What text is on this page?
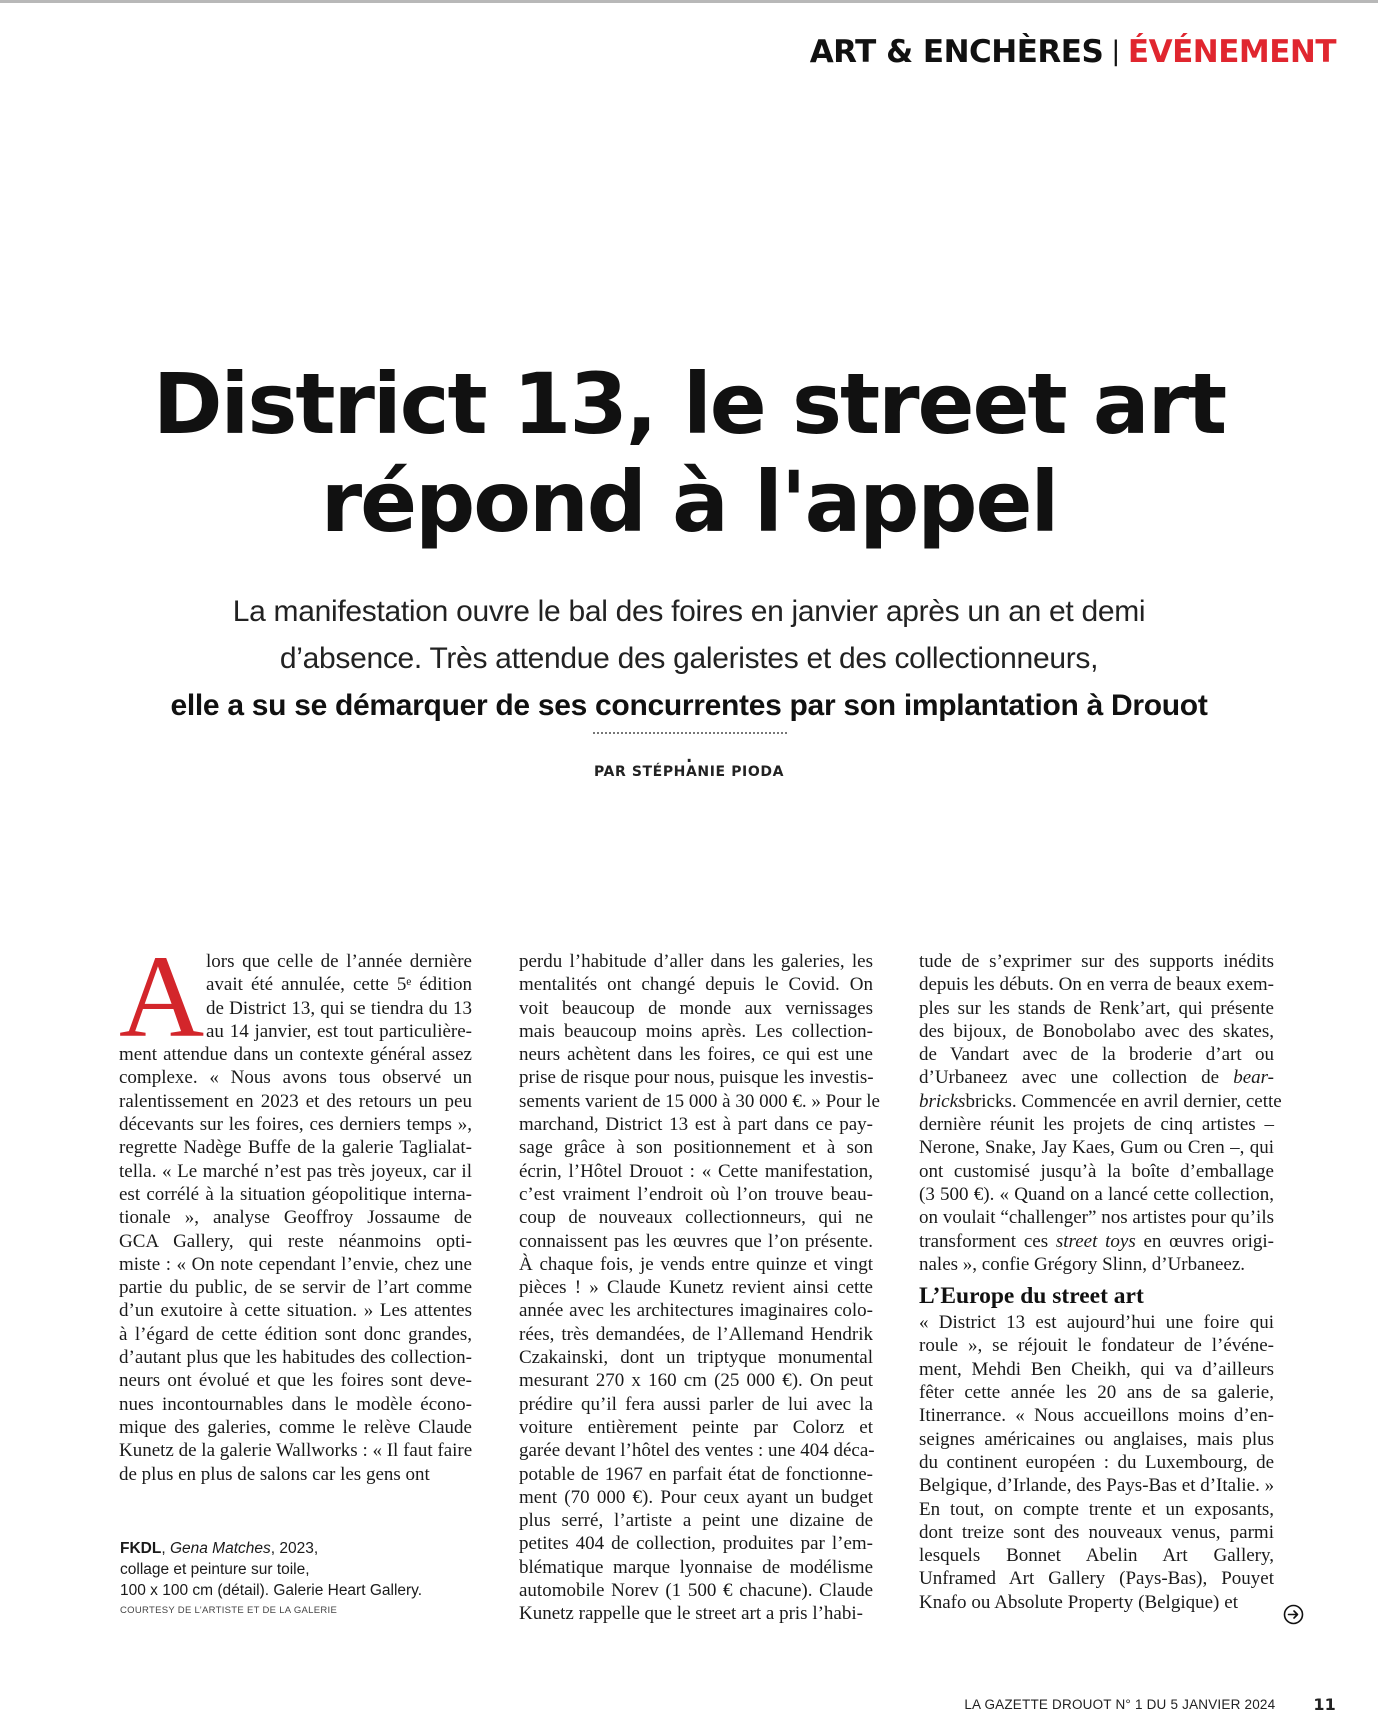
ART & ENCHÈRES | ÉVÉNEMENT
District 13, le street art
répond à l'appel
La manifestation ouvre le bal des foires en janvier après un an et demi
d’absence. Très attendue des galeristes et des collectionneurs,
elle a su se démarquer de ses concurrentes par son implantation à Drouot
.
PAR STÉPHANIE PIODA
A lors que celle de l’année dernière
avait été annulée, cette 5ᵉ édition
de District 13, qui se tiendra du 13
au 14 janvier, est tout particulière-
ment attendue dans un contexte général assez
complexe. « Nous avons tous observé un
ralentissement en 2023 et des retours un peu
décevants sur les foires, ces derniers temps »,
regrette Nadège Buffe de la galerie Taglialat-
tella. « Le marché n’est pas très joyeux, car il
est corrélé à la situation géopolitique interna-
tionale », analyse Geoffroy Jossaume de
GCA Gallery, qui reste néanmoins opti-
miste : « On note cependant l’envie, chez une
partie du public, de se servir de l’art comme
d’un exutoire à cette situation. » Les attentes
à l’égard de cette édition sont donc grandes,
d’autant plus que les habitudes des collection-
neurs ont évolué et que les foires sont deve-
nues incontournables dans le modèle écono-
mique des galeries, comme le relève Claude
Kunetz de la galerie Wallworks : « Il faut faire
de plus en plus de salons car les gens ont
perdu l’habitude d’aller dans les galeries, les
mentalités ont changé depuis le Covid. On
voit beaucoup de monde aux vernissages
mais beaucoup moins après. Les collection-
neurs achètent dans les foires, ce qui est une
prise de risque pour nous, puisque les investis-
sements varient de 15 000 à 30 000 €. » Pour le
marchand, District 13 est à part dans ce pay-
sage grâce à son positionnement et à son
écrin, l’Hôtel Drouot : « Cette manifestation,
c’est vraiment l’endroit où l’on trouve beau-
coup de nouveaux collectionneurs, qui ne
connaissent pas les œuvres que l’on présente.
À chaque fois, je vends entre quinze et vingt
pièces ! » Claude Kunetz revient ainsi cette
année avec les architectures imaginaires colo-
rées, très demandées, de l’Allemand Hendrik
Czakainski, dont un triptyque monumental
mesurant 270 x 160 cm (25 000 €). On peut
prédire qu’il fera aussi parler de lui avec la
voiture entièrement peinte par Colorz et
garée devant l’hôtel des ventes : une 404 déca-
potable de 1967 en parfait état de fonctionne-
ment (70 000 €). Pour ceux ayant un budget
plus serré, l’artiste a peint une dizaine de
petites 404 de collection, produites par l’em-
blématique marque lyonnaise de modélisme
automobile Norev (1 500 € chacune). Claude
Kunetz rappelle que le street art a pris l’habi-
tude de s’exprimer sur des supports inédits
depuis les débuts. On en verra de beaux exem-
ples sur les stands de Renk’art, qui présente
des bijoux, de Bonobolabo avec des skates,
de Vandart avec de la broderie d’art ou
d’Urbaneez avec une collection de bear-
bricksbricks. Commencée en avril dernier, cette
dernière réunit les projets de cinq artistes –
Nerone, Snake, Jay Kaes, Gum ou Cren –, qui
ont customisé jusqu’à la boîte d’emballage
(3 500 €). « Quand on a lancé cette collection,
on voulait “challenger” nos artistes pour qu’ils
transforment ces street toys en œuvres origi-
nales », confie Grégory Slinn, d’Urbaneez.
L’Europe du street art
« District 13 est aujourd’hui une foire qui
roule », se réjouit le fondateur de l’événe-
ment, Mehdi Ben Cheikh, qui va d’ailleurs
fêter cette année les 20 ans de sa galerie,
Itinerrance. « Nous accueillons moins d’en-
seignes américaines ou anglaises, mais plus
du continent européen : du Luxembourg, de
Belgique, d’Irlande, des Pays-Bas et d’Italie. »
En tout, on compte trente et un exposants,
dont treize sont des nouveaux venus, parmi
lesquels Bonnet Abelin Art Gallery,
Unframed Art Gallery (Pays-Bas), Pouyet
Knafo ou Absolute Property (Belgique) et
FKDL, Gena Matches, 2023,
collage et peinture sur toile,
100 x 100 cm (détail). Galerie Heart Gallery.
COURTESY DE L’ARTISTE ET DE LA GALERIE
LA GAZETTE DROUOT N° 1 DU 5 JANVIER 2024 11
